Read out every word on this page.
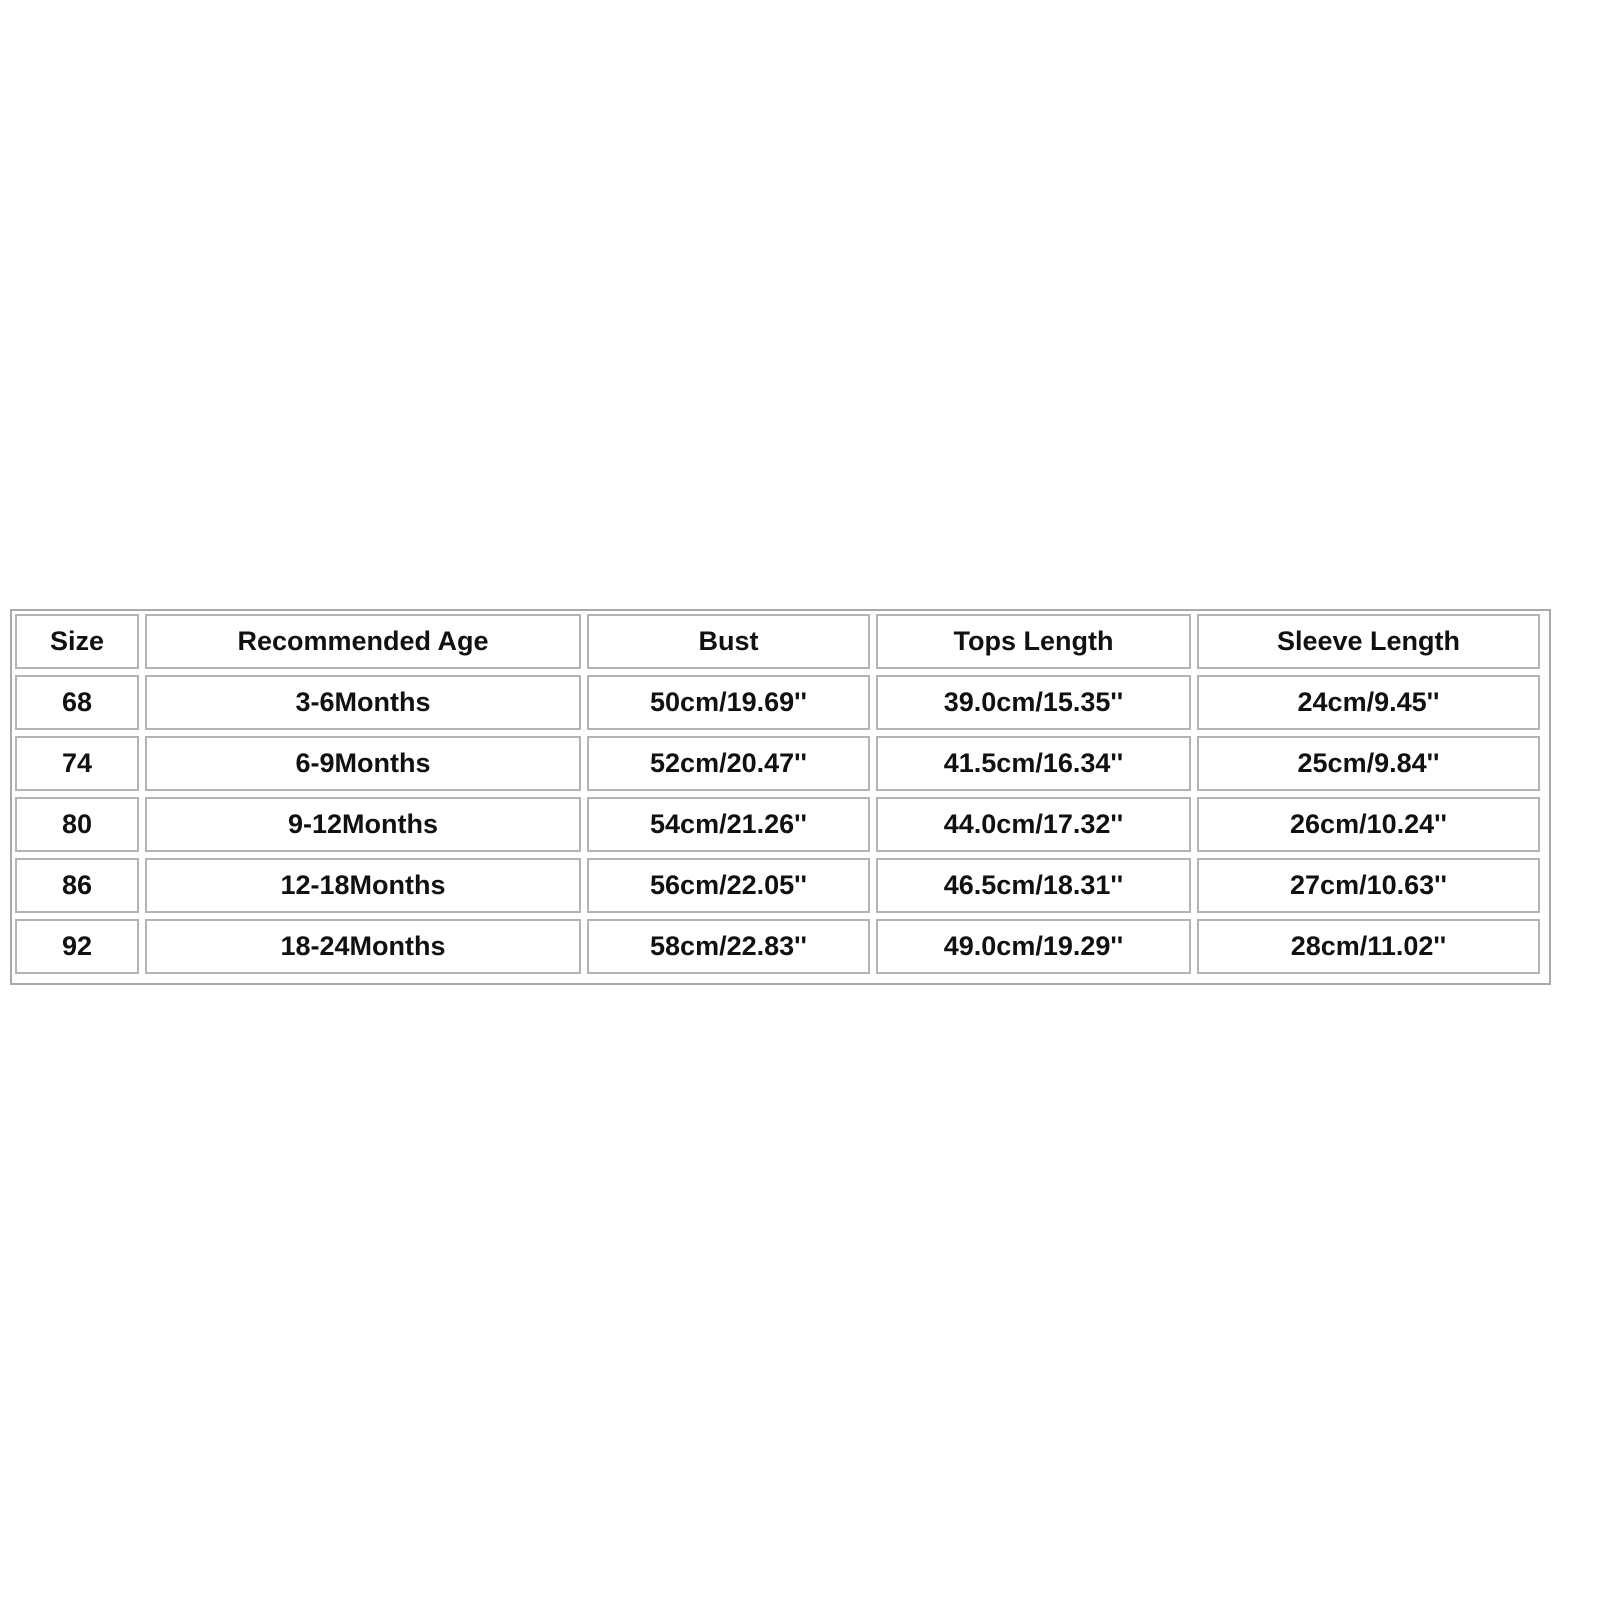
Size	Recommended Age	Bust	Tops Length	Sleeve Length
68	3-6Months	50cm/19.69''	39.0cm/15.35''	24cm/9.45''
74	6-9Months	52cm/20.47''	41.5cm/16.34''	25cm/9.84''
80	9-12Months	54cm/21.26''	44.0cm/17.32''	26cm/10.24''
86	12-18Months	56cm/22.05''	46.5cm/18.31''	27cm/10.63''
92	18-24Months	58cm/22.83''	49.0cm/19.29''	28cm/11.02''
